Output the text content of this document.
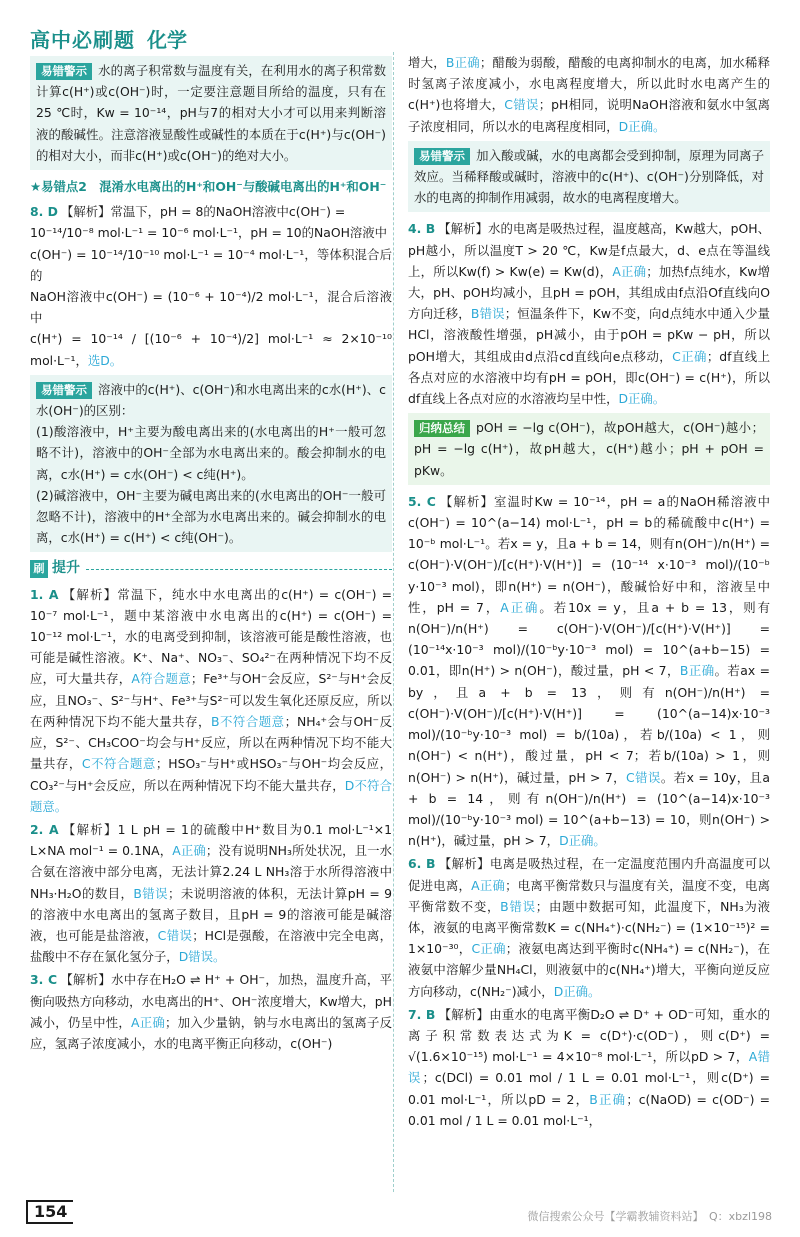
高中必刷题 化学
易错警示 水的离子积常数与温度有关，在利用水的离子积常数计算c(H⁺)或c(OH⁻)时，一定要注意题目所给的温度，只有在25 ℃时，Kw = 10⁻¹⁴，pH与7的相对大小才可以用来判断溶液的酸碱性。注意溶液显酸性或碱性的本质在于c(H⁺)与c(OH⁻)的相对大小，而非c(H⁺)或c(OH⁻)的绝对大小。
★易错点2　混淆水电离出的H⁺和OH⁻与酸碱电离出的H⁺和OH⁻
8. D 【解析】常温下，pH = 8的NaOH溶液中c(OH⁻) =
10⁻¹⁴/10⁻⁸ mol·L⁻¹ = 10⁻⁶ mol·L⁻¹，pH = 10的NaOH溶液中
c(OH⁻) = 10⁻¹⁴/10⁻¹⁰ mol·L⁻¹ = 10⁻⁴ mol·L⁻¹，等体积混合后的
NaOH溶液中c(OH⁻) = (10⁻⁶ + 10⁻⁴)/2 mol·L⁻¹，混合后溶液中
c(H⁺) = 10⁻¹⁴ / [(10⁻⁶ + 10⁻⁴)/2] mol·L⁻¹ ≈ 2×10⁻¹⁰ mol·L⁻¹，选D。
易错警示 溶液中的c(H⁺)、c(OH⁻)和水电离出来的c水(H⁺)、c水(OH⁻)的区别：
(1)酸溶液中，H⁺主要为酸电离出来的(水电离出的H⁺一般可忽略不计)，溶液中的OH⁻全部为水电离出来的。酸会抑制水的电离，c水(H⁺) = c水(OH⁻) < c纯(H⁺)。
(2)碱溶液中，OH⁻主要为碱电离出来的(水电离出的OH⁻一般可忽略不计)，溶液中的H⁺全部为水电离出来的。碱会抑制水的电离，c水(H⁺) = c(H⁺) < c纯(OH⁻)。
刷 提升
1. A 【解析】常温下，纯水中水电离出的c(H⁺) = c(OH⁻) = 10⁻⁷ mol·L⁻¹，题中某溶液中水电离出的c(H⁺) = c(OH⁻) = 10⁻¹² mol·L⁻¹，水的电离受到抑制，该溶液可能是酸性溶液，也可能是碱性溶液。K⁺、Na⁺、NO₃⁻、SO₄²⁻在两种情况下均不反应，可大量共存，A符合题意；Fe³⁺与OH⁻会反应，S²⁻与H⁺会反应，且NO₃⁻、S²⁻与H⁺、Fe³⁺与S²⁻可以发生氧化还原反应，所以在两种情况下均不能大量共存，B不符合题意；NH₄⁺会与OH⁻反应，S²⁻、CH₃COO⁻均会与H⁺反应，所以在两种情况下均不能大量共存，C不符合题意；HSO₃⁻与H⁺或HSO₃⁻与OH⁻均会反应，CO₃²⁻与H⁺会反应，所以在两种情况下均不能大量共存，D不符合题意。
2. A 【解析】1 L pH = 1的硫酸中H⁺数目为0.1 mol·L⁻¹×1 L×NA mol⁻¹ = 0.1NA，A正确；没有说明NH₃所处状况，且一水合氨在溶液中部分电离，无法计算2.24 L NH₃溶于水所得溶液中NH₃·H₂O的数目，B错误；未说明溶液的体积，无法计算pH = 9的溶液中水电离出的氢离子数目，且pH = 9的溶液可能是碱溶液，也可能是盐溶液，C错误；HCl是强酸，在溶液中完全电离，盐酸中不存在氯化氢分子，D错误。
3. C 【解析】水中存在H₂O ⇌ H⁺ + OH⁻，加热，温度升高，平衡向吸热方向移动，水电离出的H⁺、OH⁻浓度增大，Kw增大，pH减小，仍呈中性，A正确；加入少量钠，钠与水电离出的氢离子反应，氢离子浓度减小，水的电离平衡正向移动，c(OH⁻)
增大，B正确；醋酸为弱酸，醋酸的电离抑制水的电离，加水稀释时氢离子浓度减小，水电离程度增大，所以此时水电离产生的c(H⁺)也将增大，C错误；pH相同，说明NaOH溶液和氨水中氢离子浓度相同，所以水的电离程度相同，D正确。
易错警示 加入酸或碱，水的电离都会受到抑制，原理为同离子效应。当稀释酸或碱时，溶液中的c(H⁺)、c(OH⁻)分别降低，对水的电离的抑制作用减弱，故水的电离程度增大。
4. B 【解析】水的电离是吸热过程，温度越高，Kw越大，pOH、pH越小，所以温度T > 20 ℃，Kw是f点最大，d、e点在等温线上，所以Kw(f) > Kw(e) = Kw(d)，A正确；加热f点纯水，Kw增大，pH、pOH均减小，且pH = pOH，其组成由f点沿Of直线向O方向迁移，B错误；恒温条件下，Kw不变，向d点纯水中通入少量HCl，溶液酸性增强，pH减小，由于pOH = pKw − pH，所以pOH增大，其组成由d点沿cd直线向e点移动，C正确；df直线上各点对应的水溶液中均有pH = pOH，即c(OH⁻) = c(H⁺)，所以df直线上各点对应的水溶液均呈中性，D正确。
归纳总结 pOH = −lg c(OH⁻)，故pOH越大，c(OH⁻)越小；pH = −lg c(H⁺)，故pH越大，c(H⁺)越小；pH + pOH = pKw。
5. C 【解析】室温时Kw = 10⁻¹⁴，pH = a的NaOH稀溶液中c(OH⁻) = 10^(a−14) mol·L⁻¹，pH = b的稀硫酸中c(H⁺) = 10⁻ᵇ mol·L⁻¹。若x = y，且a + b = 14，则有n(OH⁻)/n(H⁺) = c(OH⁻)·V(OH⁻)/[c(H⁺)·V(H⁺)] = (10⁻¹⁴ x·10⁻³ mol)/(10⁻ᵇ y·10⁻³ mol)，即n(H⁺) = n(OH⁻)，酸碱恰好中和，溶液呈中性，pH = 7，A正确。若10x = y，且a + b = 13，则有n(OH⁻)/n(H⁺) = c(OH⁻)·V(OH⁻)/[c(H⁺)·V(H⁺)] = (10⁻¹⁴x·10⁻³ mol)/(10⁻ᵇy·10⁻³ mol) = 10^(a+b−15) = 0.01，即n(H⁺) > n(OH⁻)，酸过量，pH < 7，B正确。若ax = by，且a + b = 13，则有n(OH⁻)/n(H⁺) = c(OH⁻)·V(OH⁻)/[c(H⁺)·V(H⁺)] = (10^(a−14)x·10⁻³ mol)/(10⁻ᵇy·10⁻³ mol) = b/(10a)，若b/(10a) < 1，则n(OH⁻) < n(H⁺)，酸过量，pH < 7；若b/(10a) > 1，则n(OH⁻) > n(H⁺)，碱过量，pH > 7，C错误。若x = 10y，且a + b = 14，则有n(OH⁻)/n(H⁺) = (10^(a−14)x·10⁻³ mol)/(10⁻ᵇy·10⁻³ mol) = 10^(a+b−13) = 10，则n(OH⁻) > n(H⁺)，碱过量，pH > 7，D正确。
6. B 【解析】电离是吸热过程，在一定温度范围内升高温度可以促进电离，A正确；电离平衡常数只与温度有关，温度不变，电离平衡常数不变，B错误；由题中数据可知，此温度下，NH₃为液体，液氨的电离平衡常数K = c(NH₄⁺)·c(NH₂⁻) = (1×10⁻¹⁵)² = 1×10⁻³⁰，C正确；液氨电离达到平衡时c(NH₄⁺) = c(NH₂⁻)，在液氨中溶解少量NH₄Cl，则液氨中的c(NH₄⁺)增大，平衡向逆反应方向移动，c(NH₂⁻)减小，D正确。
7. B 【解析】由重水的电离平衡D₂O ⇌ D⁺ + OD⁻可知，重水的离子积常数表达式为K = c(D⁺)·c(OD⁻)，则c(D⁺) = √(1.6×10⁻¹⁵) mol·L⁻¹ = 4×10⁻⁸ mol·L⁻¹，所以pD > 7，A错误；c(DCl) = 0.01 mol / 1 L = 0.01 mol·L⁻¹，则c(D⁺) = 0.01 mol·L⁻¹，所以pD = 2，B正确；c(NaOD) = c(OD⁻) = 0.01 mol / 1 L = 0.01 mol·L⁻¹，
154	微信搜索公众号【学霸教辅资料站】　Q：xbzl198
